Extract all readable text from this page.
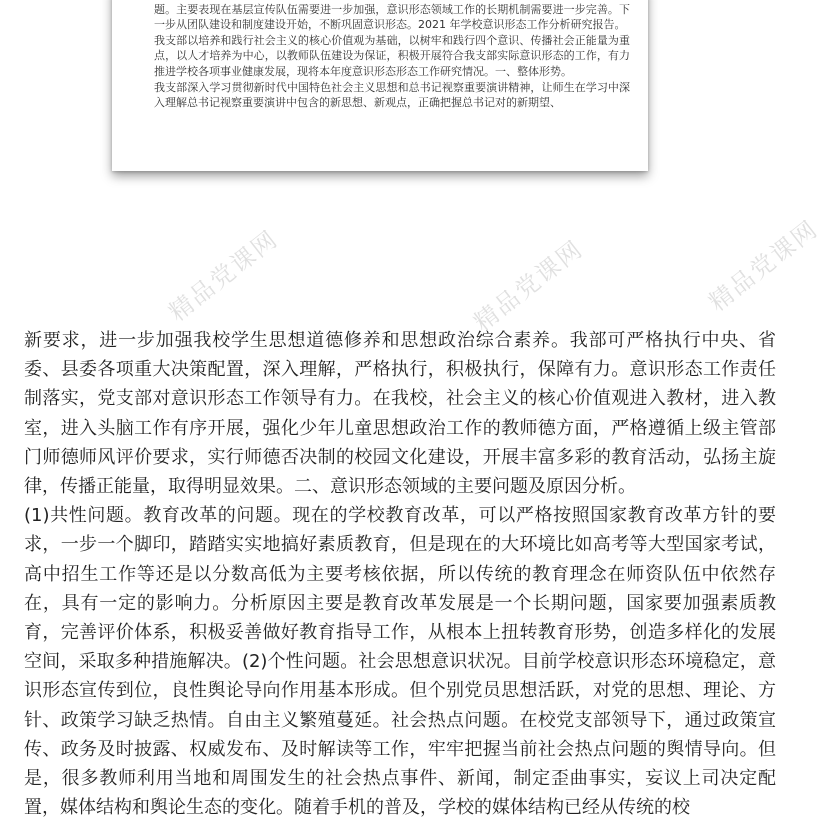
题。主要表现在基层宣传队伍需要进一步加强，意识形态领域工作的长期机制需要进一步完善。下一步从团队建设和制度建设开始，不断巩固意识形态。2021 年学校意识形态工作分析研究报告。
我支部以培养和践行社会主义的核心价值观为基础，以树牢和践行四个意识、传播社会正能量为重点，以人才培养为中心，以教师队伍建设为保证，积极开展符合我支部实际意识形态的工作，有力推进学校各项事业健康发展，现将本年度意识形态形态工作研究情况。一、整体形势。
我支部深入学习贯彻新时代中国特色社会主义思想和总书记视察重要演讲精神，让师生在学习中深入理解总书记视察重要演讲中包含的新思想、新观点，正确把握总书记对的新期望、

精品党课网	精品党课网	精品党课网

新要求，进一步加强我校学生思想道德修养和思想政治综合素养。我部可严格执行中央、省委、县委各项重大决策配置，深入理解，严格执行，积极执行，保障有力。意识形态工作责任制落实，党支部对意识形态工作领导有力。在我校，社会主义的核心价值观进入教材，进入教室，进入头脑工作有序开展，强化少年儿童思想政治工作的教师德方面，严格遵循上级主管部门师德师风评价要求，实行师德否决制的校园文化建设，开展丰富多彩的教育活动，弘扬主旋律，传播正能量，取得明显效果。二、意识形态领域的主要问题及原因分析。
(1)共性问题。教育改革的问题。现在的学校教育改革，可以严格按照国家教育改革方针的要求，一步一个脚印，踏踏实实地搞好素质教育，但是现在的大环境比如高考等大型国家考试，高中招生工作等还是以分数高低为主要考核依据，所以传统的教育理念在师资队伍中依然存在，具有一定的影响力。分析原因主要是教育改革发展是一个长期问题，国家要加强素质教育，完善评价体系，积极妥善做好教育指导工作，从根本上扭转教育形势，创造多样化的发展空间，采取多种措施解决。(2)个性问题。社会思想意识状况。目前学校意识形态环境稳定，意识形态宣传到位，良性舆论导向作用基本形成。但个别党员思想活跃，对党的思想、理论、方针、政策学习缺乏热情。自由主义繁殖蔓延。社会热点问题。在校党支部领导下，通过政策宣传、政务及时披露、权威发布、及时解读等工作，牢牢把握当前社会热点问题的舆情导向。但是，很多教师利用当地和周围发生的社会热点事件、新闻，制定歪曲事实，妄议上司决定配置，媒体结构和舆论生态的变化。随着手机的普及，学校的媒体结构已经从传统的校
